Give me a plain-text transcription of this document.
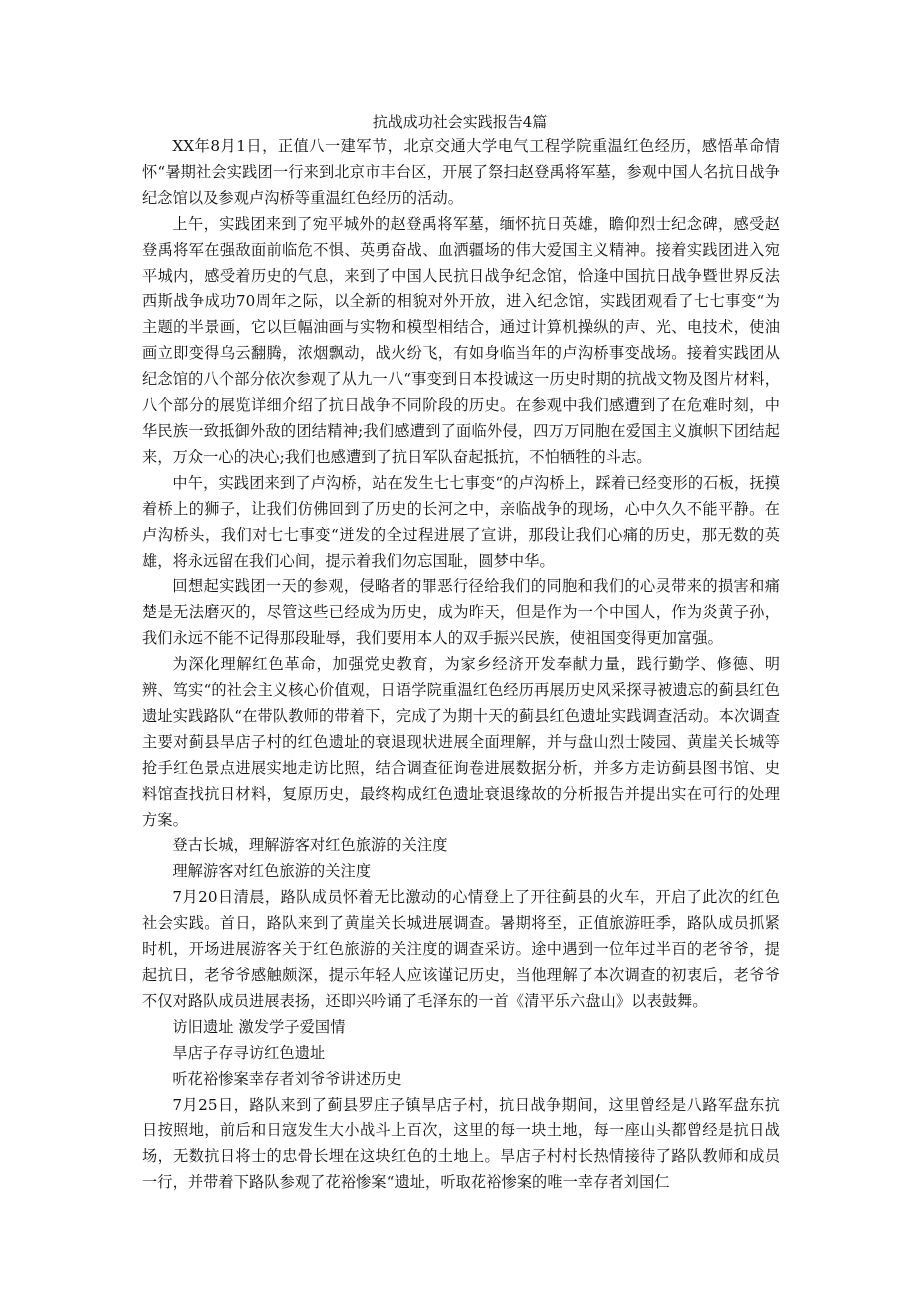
抗战成功社会实践报告4篇

XX年8月1日，正值八一建军节，北京交通大学电气工程学院重温红色经历，感悟革命情怀“暑期社会实践团一行来到北京市丰台区，开展了祭扫赵登禹将军墓，参观中国人名抗日战争纪念馆以及参观卢沟桥等重温红色经历的活动。

上午，实践团来到了宛平城外的赵登禹将军墓，缅怀抗日英雄，瞻仰烈士纪念碑，感受赵登禹将军在强敌面前临危不惧、英勇奋战、血洒疆场的伟大爱国主义精神。接着实践团进入宛平城内，感受着历史的气息，来到了中国人民抗日战争纪念馆，恰逢中国抗日战争暨世界反法西斯战争成功70周年之际，以全新的相貌对外开放，进入纪念馆，实践团观看了七七事变“为主题的半景画，它以巨幅油画与实物和模型相结合，通过计算机操纵的声、光、电技术，使油画立即变得乌云翻腾，浓烟飘动，战火纷飞，有如身临当年的卢沟桥事变战场。接着实践团从纪念馆的八个部分依次参观了从九一八“事变到日本投诚这一历史时期的抗战文物及图片材料，八个部分的展览详细介绍了抗日战争不同阶段的历史。在参观中我们感遭到了在危难时刻，中华民族一致抵御外敌的团结精神;我们感遭到了面临外侵，四万万同胞在爱国主义旗帜下团结起来，万众一心的决心;我们也感遭到了抗日军队奋起抵抗，不怕牺牲的斗志。

中午，实践团来到了卢沟桥，站在发生七七事变“的卢沟桥上，踩着已经变形的石板，抚摸着桥上的狮子，让我们仿佛回到了历史的长河之中，亲临战争的现场，心中久久不能平静。在卢沟桥头，我们对七七事变“迸发的全过程进展了宣讲，那段让我们心痛的历史，那无数的英雄，将永远留在我们心间，提示着我们勿忘国耻，圆梦中华。

回想起实践团一天的参观，侵略者的罪恶行径给我们的同胞和我们的心灵带来的损害和痛楚是无法磨灭的，尽管这些已经成为历史，成为昨天，但是作为一个中国人，作为炎黄子孙，我们永远不能不记得那段耻辱，我们要用本人的双手振兴民族，使祖国变得更加富强。

为深化理解红色革命，加强党史教育，为家乡经济开发奉献力量，践行勤学、修德、明辨、笃实“的社会主义核心价值观，日语学院重温红色经历再展历史风采探寻被遗忘的蓟县红色遗址实践路队“在带队教师的带着下，完成了为期十天的蓟县红色遗址实践调查活动。本次调查主要对蓟县旱店子村的红色遗址的衰退现状进展全面理解，并与盘山烈士陵园、黄崖关长城等抢手红色景点进展实地走访比照，结合调查征询卷进展数据分析，并多方走访蓟县图书馆、史料馆查找抗日材料，复原历史，最终构成红色遗址衰退缘故的分析报告并提出实在可行的处理方案。

登古长城，理解游客对红色旅游的关注度

理解游客对红色旅游的关注度

7月20日清晨，路队成员怀着无比激动的心情登上了开往蓟县的火车，开启了此次的红色社会实践。首日，路队来到了黄崖关长城进展调查。暑期将至，正值旅游旺季，路队成员抓紧时机，开场进展游客关于红色旅游的关注度的调查采访。途中遇到一位年过半百的老爷爷，提起抗日，老爷爷感触颇深，提示年轻人应该谨记历史，当他理解了本次调查的初衷后，老爷爷不仅对路队成员进展表扬，还即兴吟诵了毛泽东的一首《清平乐六盘山》以表鼓舞。

访旧遗址 激发学子爱国情

旱店子存寻访红色遗址

听花裕惨案幸存者刘爷爷讲述历史

7月25日，路队来到了蓟县罗庄子镇旱店子村，抗日战争期间，这里曾经是八路军盘东抗日按照地，前后和日寇发生大小战斗上百次，这里的每一块土地，每一座山头都曾经是抗日战场，无数抗日将士的忠骨长埋在这块红色的土地上。旱店子村村长热情接待了路队教师和成员一行，并带着下路队参观了花裕惨案“遗址，听取花裕惨案的唯一幸存者刘国仁
